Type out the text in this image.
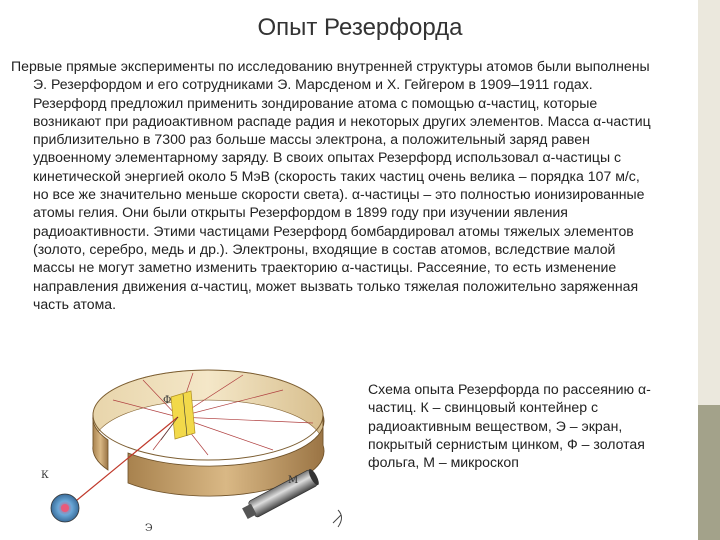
Опыт Резерфорда

Первые прямые эксперименты по исследованию внутренней структуры атомов были выполнены Э. Резерфордом и его сотрудниками Э. Марсденом и Х. Гейгером в 1909–1911 годах. Резерфорд предложил применить зондирование атома с помощью α-частиц, которые возникают при радиоактивном распаде радия и некоторых других элементов. Масса α-частиц приблизительно в 7300 раз больше массы электрона, а положительный заряд равен удвоенному элементарному заряду. В своих опытах Резерфорд использовал α-частицы с кинетической энергией около 5 МэВ (скорость таких частиц очень велика – порядка 107 м/с, но все же значительно меньше скорости света). α-частицы – это полностью ионизированные атомы гелия. Они были открыты Резерфордом в 1899 году при изучении явления радиоактивности. Этими частицами Резерфорд бомбардировал атомы тяжелых элементов (золото, серебро, медь и др.). Электроны, входящие в состав атомов, вследствие малой массы не могут заметно изменить траекторию α-частицы. Рассеяние, то есть изменение направления движения α-частиц, может вызвать только тяжелая положительно заряженная часть атома.

К
Э
Ф
М

Схема опыта Резерфорда по рассеянию α-частиц. К – свинцовый контейнер с радиоактивным веществом, Э – экран, покрытый сернистым цинком, Ф – золотая фольга, М – микроскоп
